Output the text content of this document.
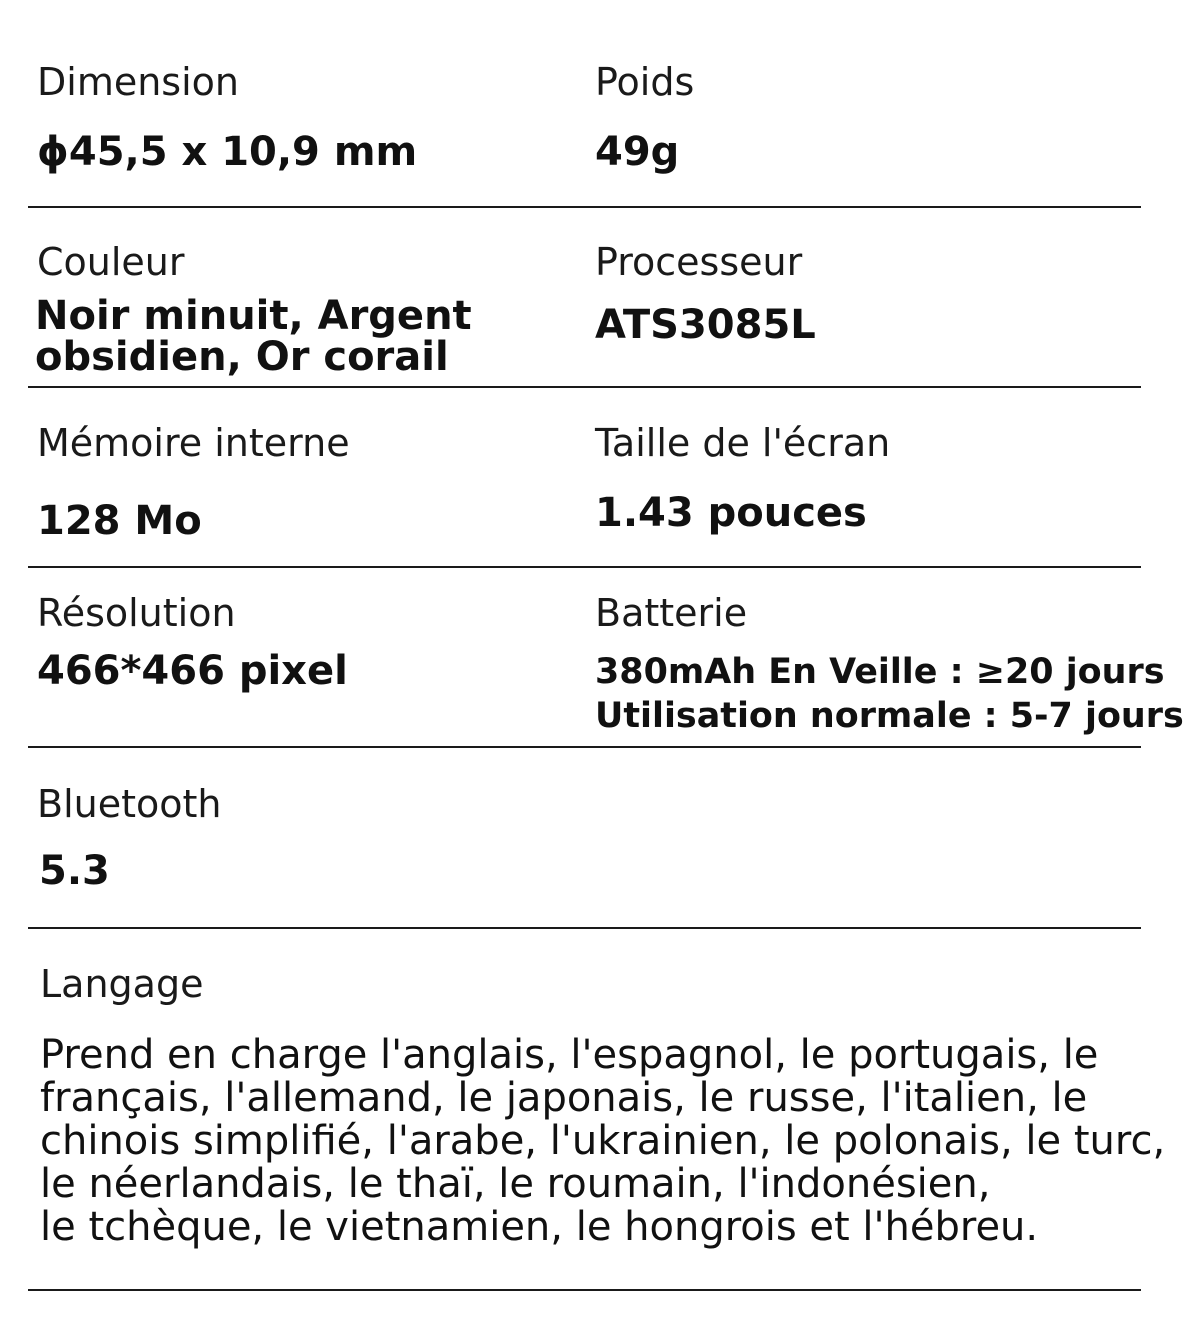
Dimension
ϕ45,5 x 10,9 mm
Poids
49g
Couleur
Noir minuit, Argent
obsidien, Or corail
Processeur
ATS3085L
Mémoire interne
128 Mo
Taille de l'écran
1.43 pouces
Résolution
466*466 pixel
Batterie
380mAh En Veille : ≥20 jours
Utilisation normale : 5-7 jours
Bluetooth
5.3
Langage
Prend en charge l'anglais, l'espagnol, le portugais, le
français, l'allemand, le japonais, le russe, l'italien, le
chinois simplifié, l'arabe, l'ukrainien, le polonais, le turc,
le néerlandais, le thaï, le roumain, l'indonésien,
le tchèque, le vietnamien, le hongrois et l'hébreu.
